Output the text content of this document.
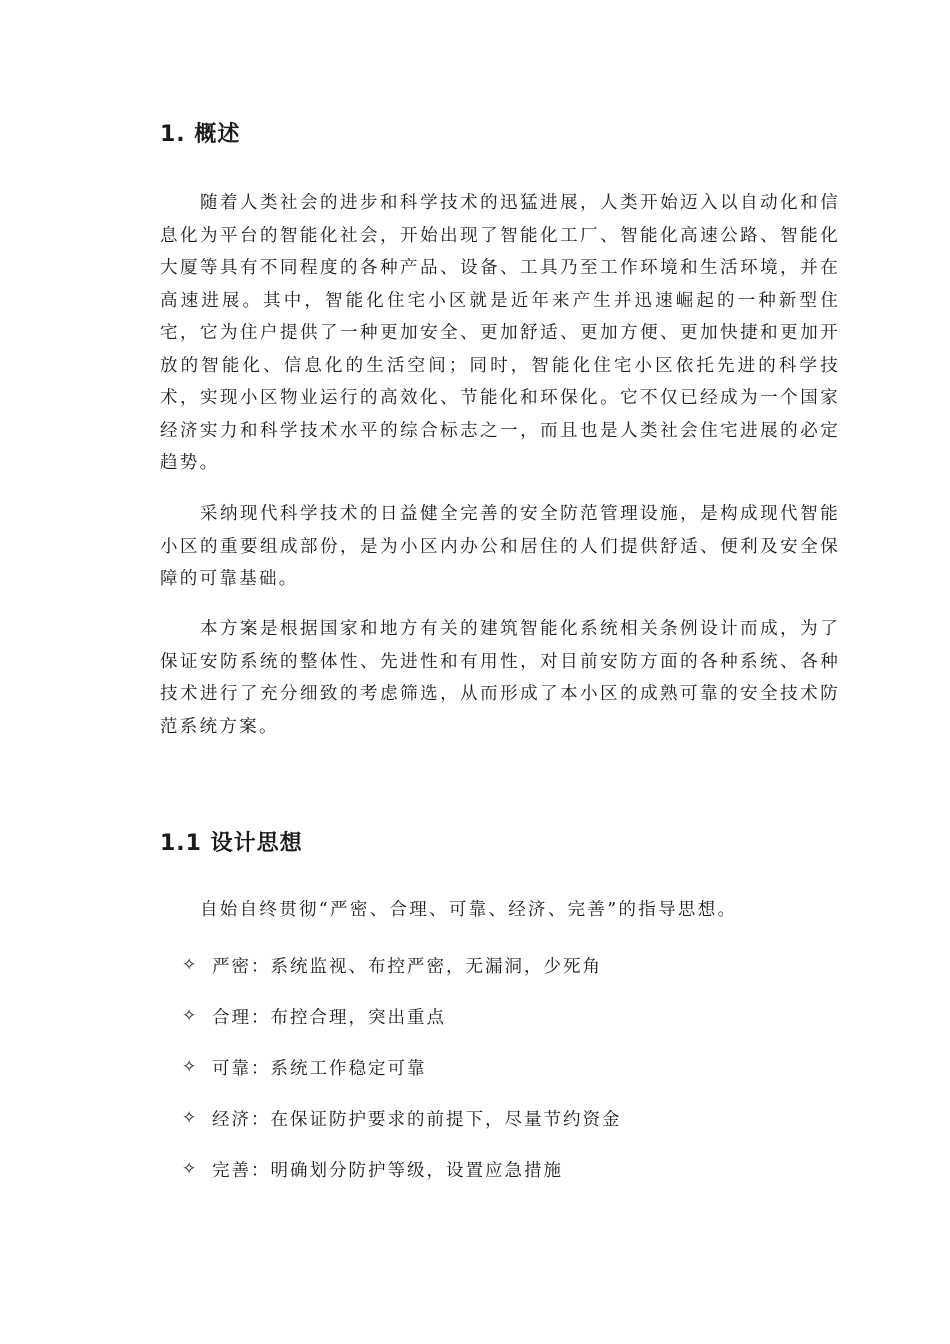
1. 概述

随着人类社会的进步和科学技术的迅猛进展，人类开始迈入以自动化和信息化为平台的智能化社会，开始出现了智能化工厂、智能化高速公路、智能化大厦等具有不同程度的各种产品、设备、工具乃至工作环境和生活环境，并在高速进展。其中，智能化住宅小区就是近年来产生并迅速崛起的一种新型住宅，它为住户提供了一种更加安全、更加舒适、更加方便、更加快捷和更加开放的智能化、信息化的生活空间；同时，智能化住宅小区依托先进的科学技术，实现小区物业运行的高效化、节能化和环保化。它不仅已经成为一个国家经济实力和科学技术水平的综合标志之一，而且也是人类社会住宅进展的必定趋势。

采纳现代科学技术的日益健全完善的安全防范管理设施，是构成现代智能小区的重要组成部份，是为小区内办公和居住的人们提供舒适、便利及安全保障的可靠基础。

本方案是根据国家和地方有关的建筑智能化系统相关条例设计而成，为了保证安防系统的整体性、先进性和有用性，对目前安防方面的各种系统、各种技术进行了充分细致的考虑筛选，从而形成了本小区的成熟可靠的安全技术防范系统方案。

1.1 设计思想

自始自终贯彻“严密、合理、可靠、经济、完善”的指导思想。

✧ 严密：系统监视、布控严密，无漏洞，少死角
✧ 合理：布控合理，突出重点
✧ 可靠：系统工作稳定可靠
✧ 经济：在保证防护要求的前提下，尽量节约资金
✧ 完善：明确划分防护等级，设置应急措施
